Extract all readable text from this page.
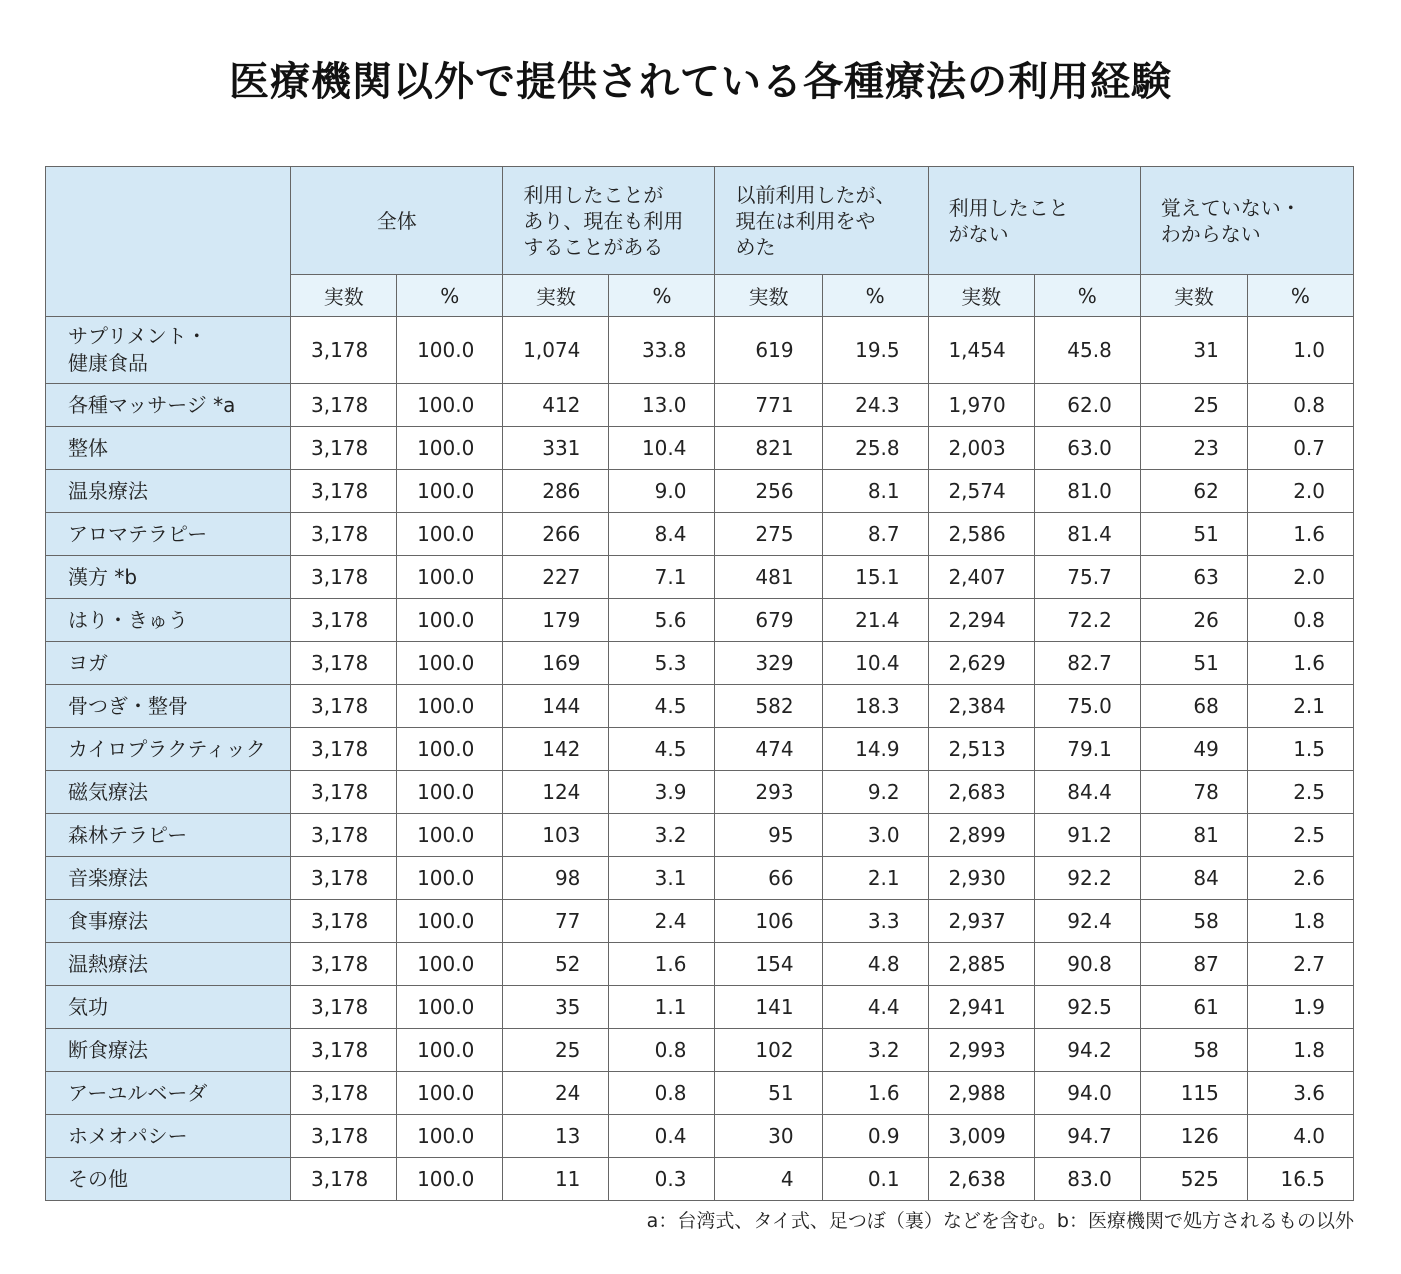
医療機関以外で提供されている各種療法の利用経験

	全体		利用したことが
あり、現在も利用
することがある		以前利用したが、
現在は利用をや
めた		利用したこと
がない		覚えていない・
わからない	

	実数	%	実数	%	実数	%	実数	%	実数	%

サプリメント・
健康食品	3,178	100.0	1,074	33.8	619	19.5	1,454	45.8	31	1.0

各種マッサージ *a	3,178	100.0	412	13.0	771	24.3	1,970	62.0	25	0.8

整体	3,178	100.0	331	10.4	821	25.8	2,003	63.0	23	0.7

温泉療法	3,178	100.0	286	9.0	256	8.1	2,574	81.0	62	2.0

アロマテラピー	3,178	100.0	266	8.4	275	8.7	2,586	81.4	51	1.6

漢方 *b	3,178	100.0	227	7.1	481	15.1	2,407	75.7	63	2.0

はり・きゅう	3,178	100.0	179	5.6	679	21.4	2,294	72.2	26	0.8

ヨガ	3,178	100.0	169	5.3	329	10.4	2,629	82.7	51	1.6

骨つぎ・整骨	3,178	100.0	144	4.5	582	18.3	2,384	75.0	68	2.1

カイロプラクティック	3,178	100.0	142	4.5	474	14.9	2,513	79.1	49	1.5

磁気療法	3,178	100.0	124	3.9	293	9.2	2,683	84.4	78	2.5

森林テラピー	3,178	100.0	103	3.2	95	3.0	2,899	91.2	81	2.5

音楽療法	3,178	100.0	98	3.1	66	2.1	2,930	92.2	84	2.6

食事療法	3,178	100.0	77	2.4	106	3.3	2,937	92.4	58	1.8

温熱療法	3,178	100.0	52	1.6	154	4.8	2,885	90.8	87	2.7

気功	3,178	100.0	35	1.1	141	4.4	2,941	92.5	61	1.9

断食療法	3,178	100.0	25	0.8	102	3.2	2,993	94.2	58	1.8

アーユルベーダ	3,178	100.0	24	0.8	51	1.6	2,988	94.0	115	3.6

ホメオパシー	3,178	100.0	13	0.4	30	0.9	3,009	94.7	126	4.0

その他	3,178	100.0	11	0.3	4	0.1	2,638	83.0	525	16.5
a：台湾式、タイ式、足つぼ（裏）などを含む。b：医療機関で処方されるもの以外
